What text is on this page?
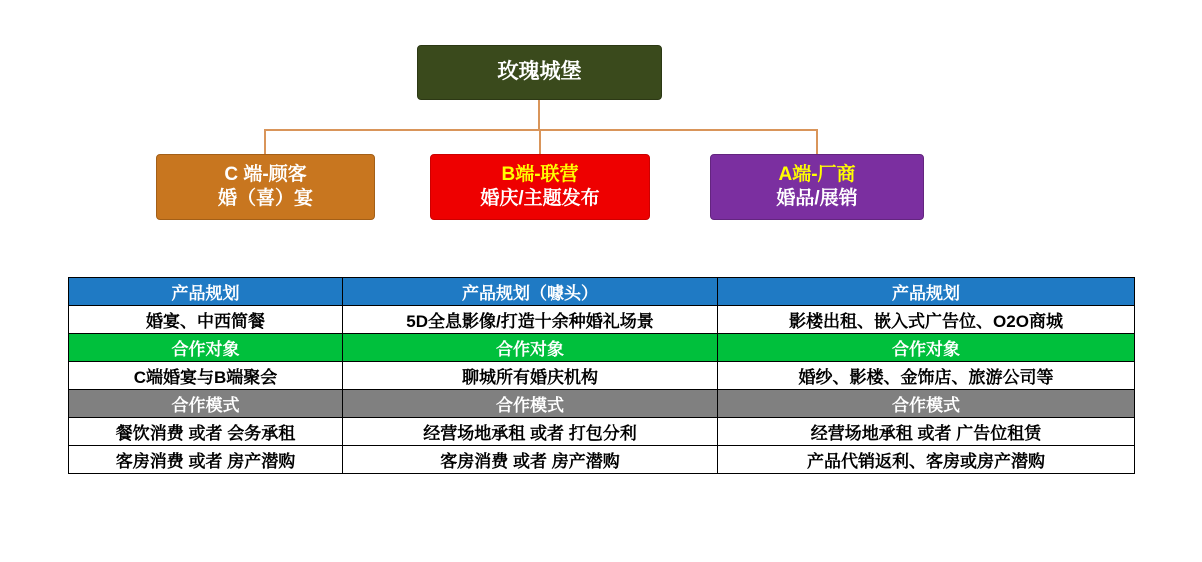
玫瑰城堡
C 端-顾客
婚（喜）宴
B端-联营
婚庆/主题发布
A端-厂商
婚品/展销
产品规划	产品规划（噱头）	产品规划
婚宴、中西简餐	5D全息影像/打造十余种婚礼场景	影楼出租、嵌入式广告位、O2O商城
合作对象	合作对象	合作对象
C端婚宴与B端聚会	聊城所有婚庆机构	婚纱、影楼、金饰店、旅游公司等
合作模式	合作模式	合作模式
餐饮消费 或者 会务承租	经营场地承租 或者 打包分利	经营场地承租 或者 广告位租赁
客房消费 或者 房产潜购	客房消费 或者 房产潜购	产品代销返利、客房或房产潜购
